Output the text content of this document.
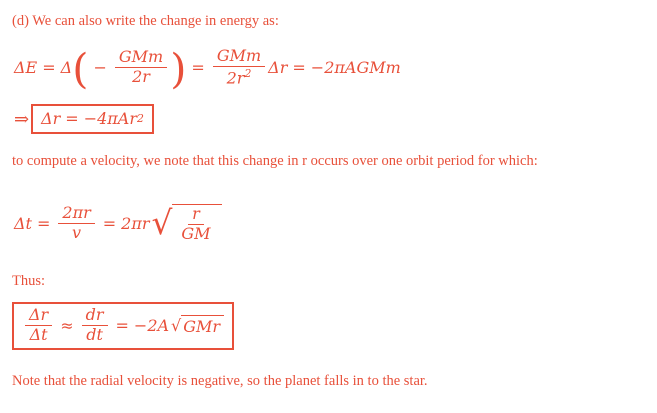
(d) We can also write the change in energy as:
ΔE = Δ ( − $\frac{\text{GMm}}{2r}$ ) = $\frac{\text{GMm}}{2r^2}$ Δr = −2πAGMm
⇒ Δr = −4πAr 2
to compute a velocity, we note that this change in r occurs over one orbit period for which:
$\Delta t = \frac{2\pi r}{v} = 2\pi r$ √ $\frac{r}{GM}$
Thus:
$\frac{\Delta r}{\Delta t} \approx \frac{dr}{dt} = -2A$ √ GMr
Note that the radial velocity is negative, so the planet falls in to the star.
